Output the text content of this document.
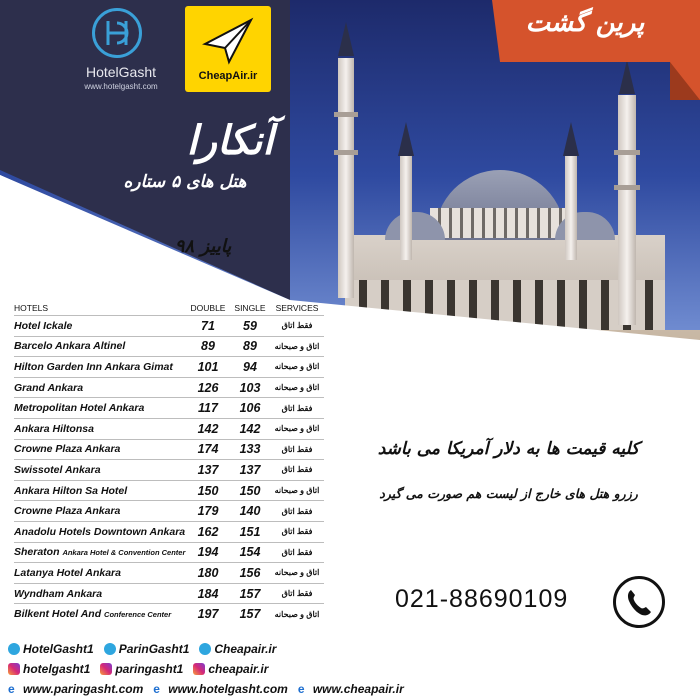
پرین گشت
HotelGasht
www.hotelgasht.com
CheapAir.ir
آنکارا
هتل های ۵ ستاره
پاییز ۹۸
HOTELS	DOUBLE	SINGLE	SERVICES
Hotel Ickale	71	59	فقط اتاق
Barcelo Ankara Altinel	89	89	اتاق و صبحانه
Hilton Garden Inn Ankara Gimat	101	94	اتاق و صبحانه
Grand Ankara	126	103	اتاق و صبحانه
Metropolitan Hotel Ankara	117	106	فقط اتاق
Ankara Hiltonsa	142	142	اتاق و صبحانه
Crowne Plaza Ankara	174	133	فقط اتاق
Swissotel Ankara	137	137	فقط اتاق
Ankara Hilton Sa Hotel	150	150	اتاق و صبحانه
Crowne Plaza Ankara	179	140	فقط اتاق
Anadolu Hotels Downtown Ankara 162	151	فقط اتاق
Sheraton Ankara Hotel & Convention Center 194	154	فقط اتاق
Latanya Hotel Ankara	180	156	اتاق و صبحانه
Wyndham Ankara	184	157	فقط اتاق
Bilkent Hotel And Conference Center	197	157	اتاق و صبحانه
کلیه قیمت ها به دلار آمریکا می باشد
رزرو هتل های خارج از لیست هم صورت می گیرد
021-88690109
HotelGasht1 ParinGasht1 Cheapair.ir
hotelgasht1 paringasht1 cheapair.ir
e www.paringasht.com e www.hotelgasht.com e www.cheapair.ir
